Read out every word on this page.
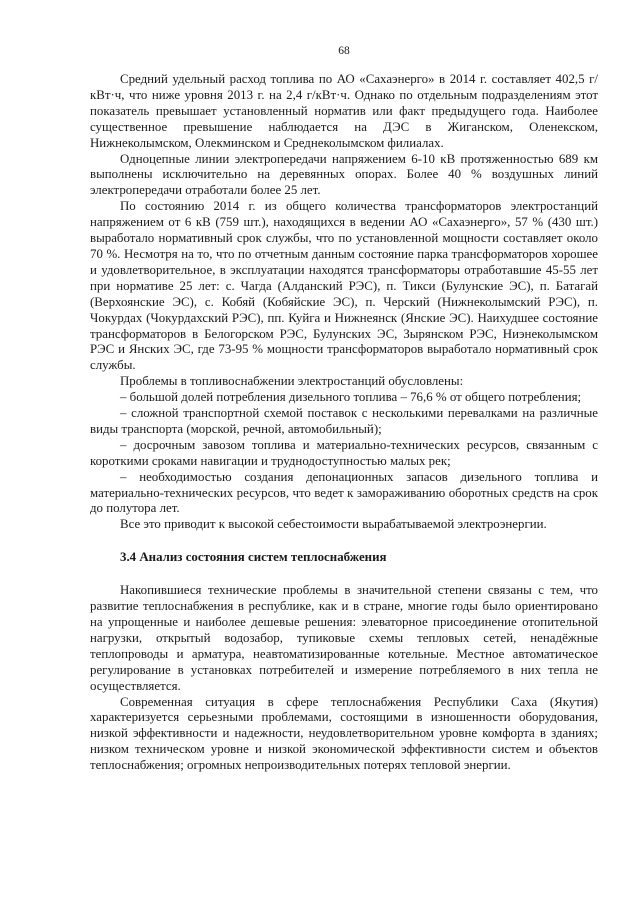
68

Средний удельный расход топлива по АО «Сахаэнерго» в 2014 г. составляет 402,5 г/кВт·ч, что ниже уровня 2013 г. на 2,4 г/кВт·ч. Однако по отдельным подразделениям этот показатель превышает установленный норматив или факт предыдущего года. Наиболее существенное превышение наблюдается на ДЭС в Жиганском, Оленекском, Нижнеколымском, Олекминском и Среднеколымском филиалах.

Одноцепные линии электропередачи напряжением 6-10 кВ протяженностью 689 км выполнены исключительно на деревянных опорах. Более 40 % воздушных линий электропередачи отработали более 25 лет.

По состоянию 2014 г. из общего количества трансформаторов электростанций напряжением от 6 кВ (759 шт.), находящихся в ведении АО «Сахаэнерго», 57 % (430 шт.) выработало нормативный срок службы, что по установленной мощности составляет около 70 %. Несмотря на то, что по отчетным данным состояние парка трансформаторов хорошее и удовлетворительное, в эксплуатации находятся трансформаторы отработавшие 45-55 лет при нормативе 25 лет: с. Чагда (Алданский РЭС), п. Тикси (Булунские ЭС), п. Батагай (Верхоянские ЭС), с. Кобяй (Кобяйские ЭС), п. Черский (Нижнеколымский РЭС), п. Чокурдах (Чокурдахский РЭС), пп. Куйга и Нижнеянск (Янские ЭС). Наихудшее состояние трансформаторов в Белогорском РЭС, Булунских ЭС, Зырянском РЭС, Ниэнеколымском РЭС и Янских ЭС, где 73-95 % мощности трансформаторов выработало нормативный срок службы.

Проблемы в топливоснабжении электростанций обусловлены:

– большой долей потребления дизельного топлива – 76,6 % от общего потребления;

– сложной транспортной схемой поставок с несколькими перевалками на различные виды транспорта (морской, речной, автомобильный);

– досрочным завозом топлива и материально-технических ресурсов, связанным с короткими сроками навигации и труднодоступностью малых рек;

– необходимостью создания депонационных запасов дизельного топлива и материально-технических ресурсов, что ведет к замораживанию оборотных средств на срок до полутора лет.

Все это приводит к высокой себестоимости вырабатываемой электроэнергии.

3.4 Анализ состояния систем теплоснабжения

Накопившиеся технические проблемы в значительной степени связаны с тем, что развитие теплоснабжения в республике, как и в стране, многие годы было ориентировано на упрощенные и наиболее дешевые решения: элеваторное присоединение отопительной нагрузки, открытый водозабор, тупиковые схемы тепловых сетей, ненадёжные теплопроводы и арматура, неавтоматизированные котельные. Местное автоматическое регулирование в установках потребителей и измерение потребляемого в них тепла не осуществляется.

Современная ситуация в сфере теплоснабжения Республики Саха (Якутия) характеризуется серьезными проблемами, состоящими в изношенности оборудования, низкой эффективности и надежности, неудовлетворительном уровне комфорта в зданиях; низком техническом уровне и низкой экономической эффективности систем и объектов теплоснабжения; огромных непроизводительных потерях тепловой энергии.
